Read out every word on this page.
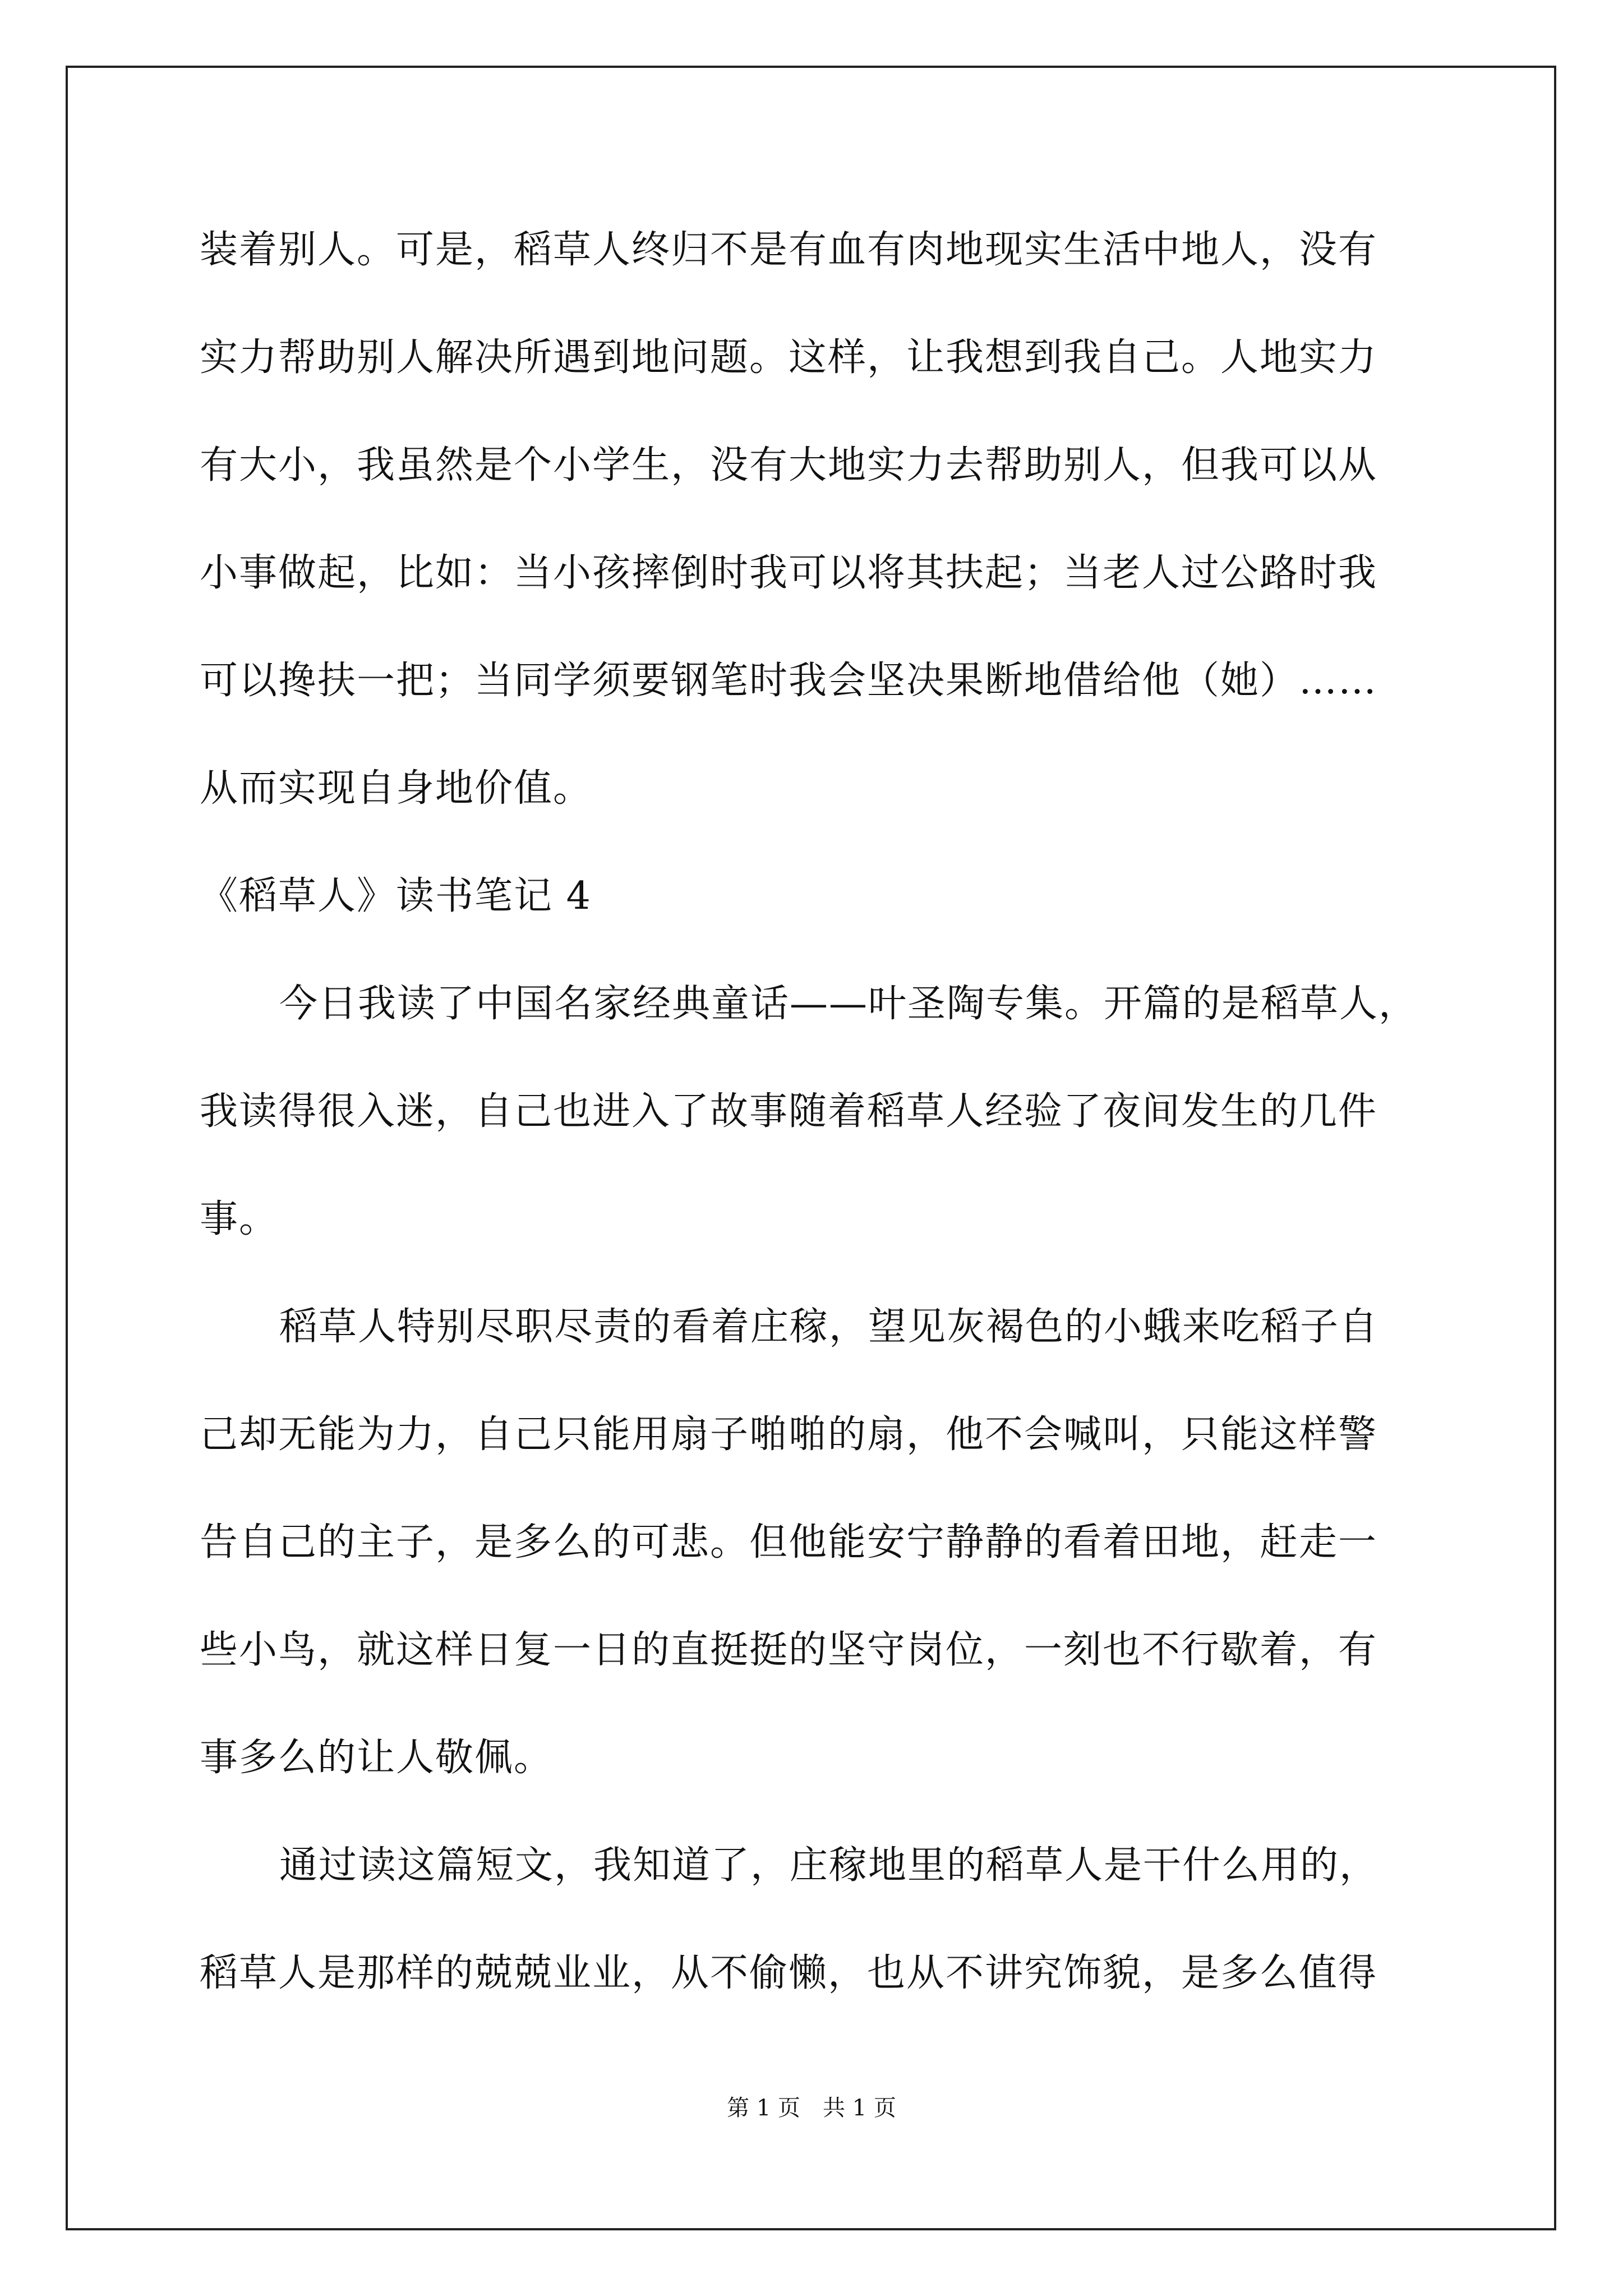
装着别人。可是，稻草人终归不是有血有肉地现实生活中地人，没有
实力帮助别人解决所遇到地问题。这样，让我想到我自己。人地实力
有大小，我虽然是个小学生，没有大地实力去帮助别人，但我可以从
小事做起，比如：当小孩摔倒时我可以将其扶起；当老人过公路时我
可以搀扶一把；当同学须要钢笔时我会坚决果断地借给他（她）……
从而实现自身地价值。
《稻草人》读书笔记 4
今日我读了中国名家经典童话——叶圣陶专集。开篇的是稻草人，
我读得很入迷，自己也进入了故事随着稻草人经验了夜间发生的几件
事。
稻草人特别尽职尽责的看着庄稼，望见灰褐色的小蛾来吃稻子自
己却无能为力，自己只能用扇子啪啪的扇，他不会喊叫，只能这样警
告自己的主子，是多么的可悲。但他能安宁静静的看着田地，赶走一
些小鸟，就这样日复一日的直挺挺的坚守岗位，一刻也不行歇着，有
事多么的让人敬佩。
通过读这篇短文，我知道了，庄稼地里的稻草人是干什么用的，
稻草人是那样的兢兢业业，从不偷懒，也从不讲究饰貌，是多么值得
第 1 页　共 1 页
